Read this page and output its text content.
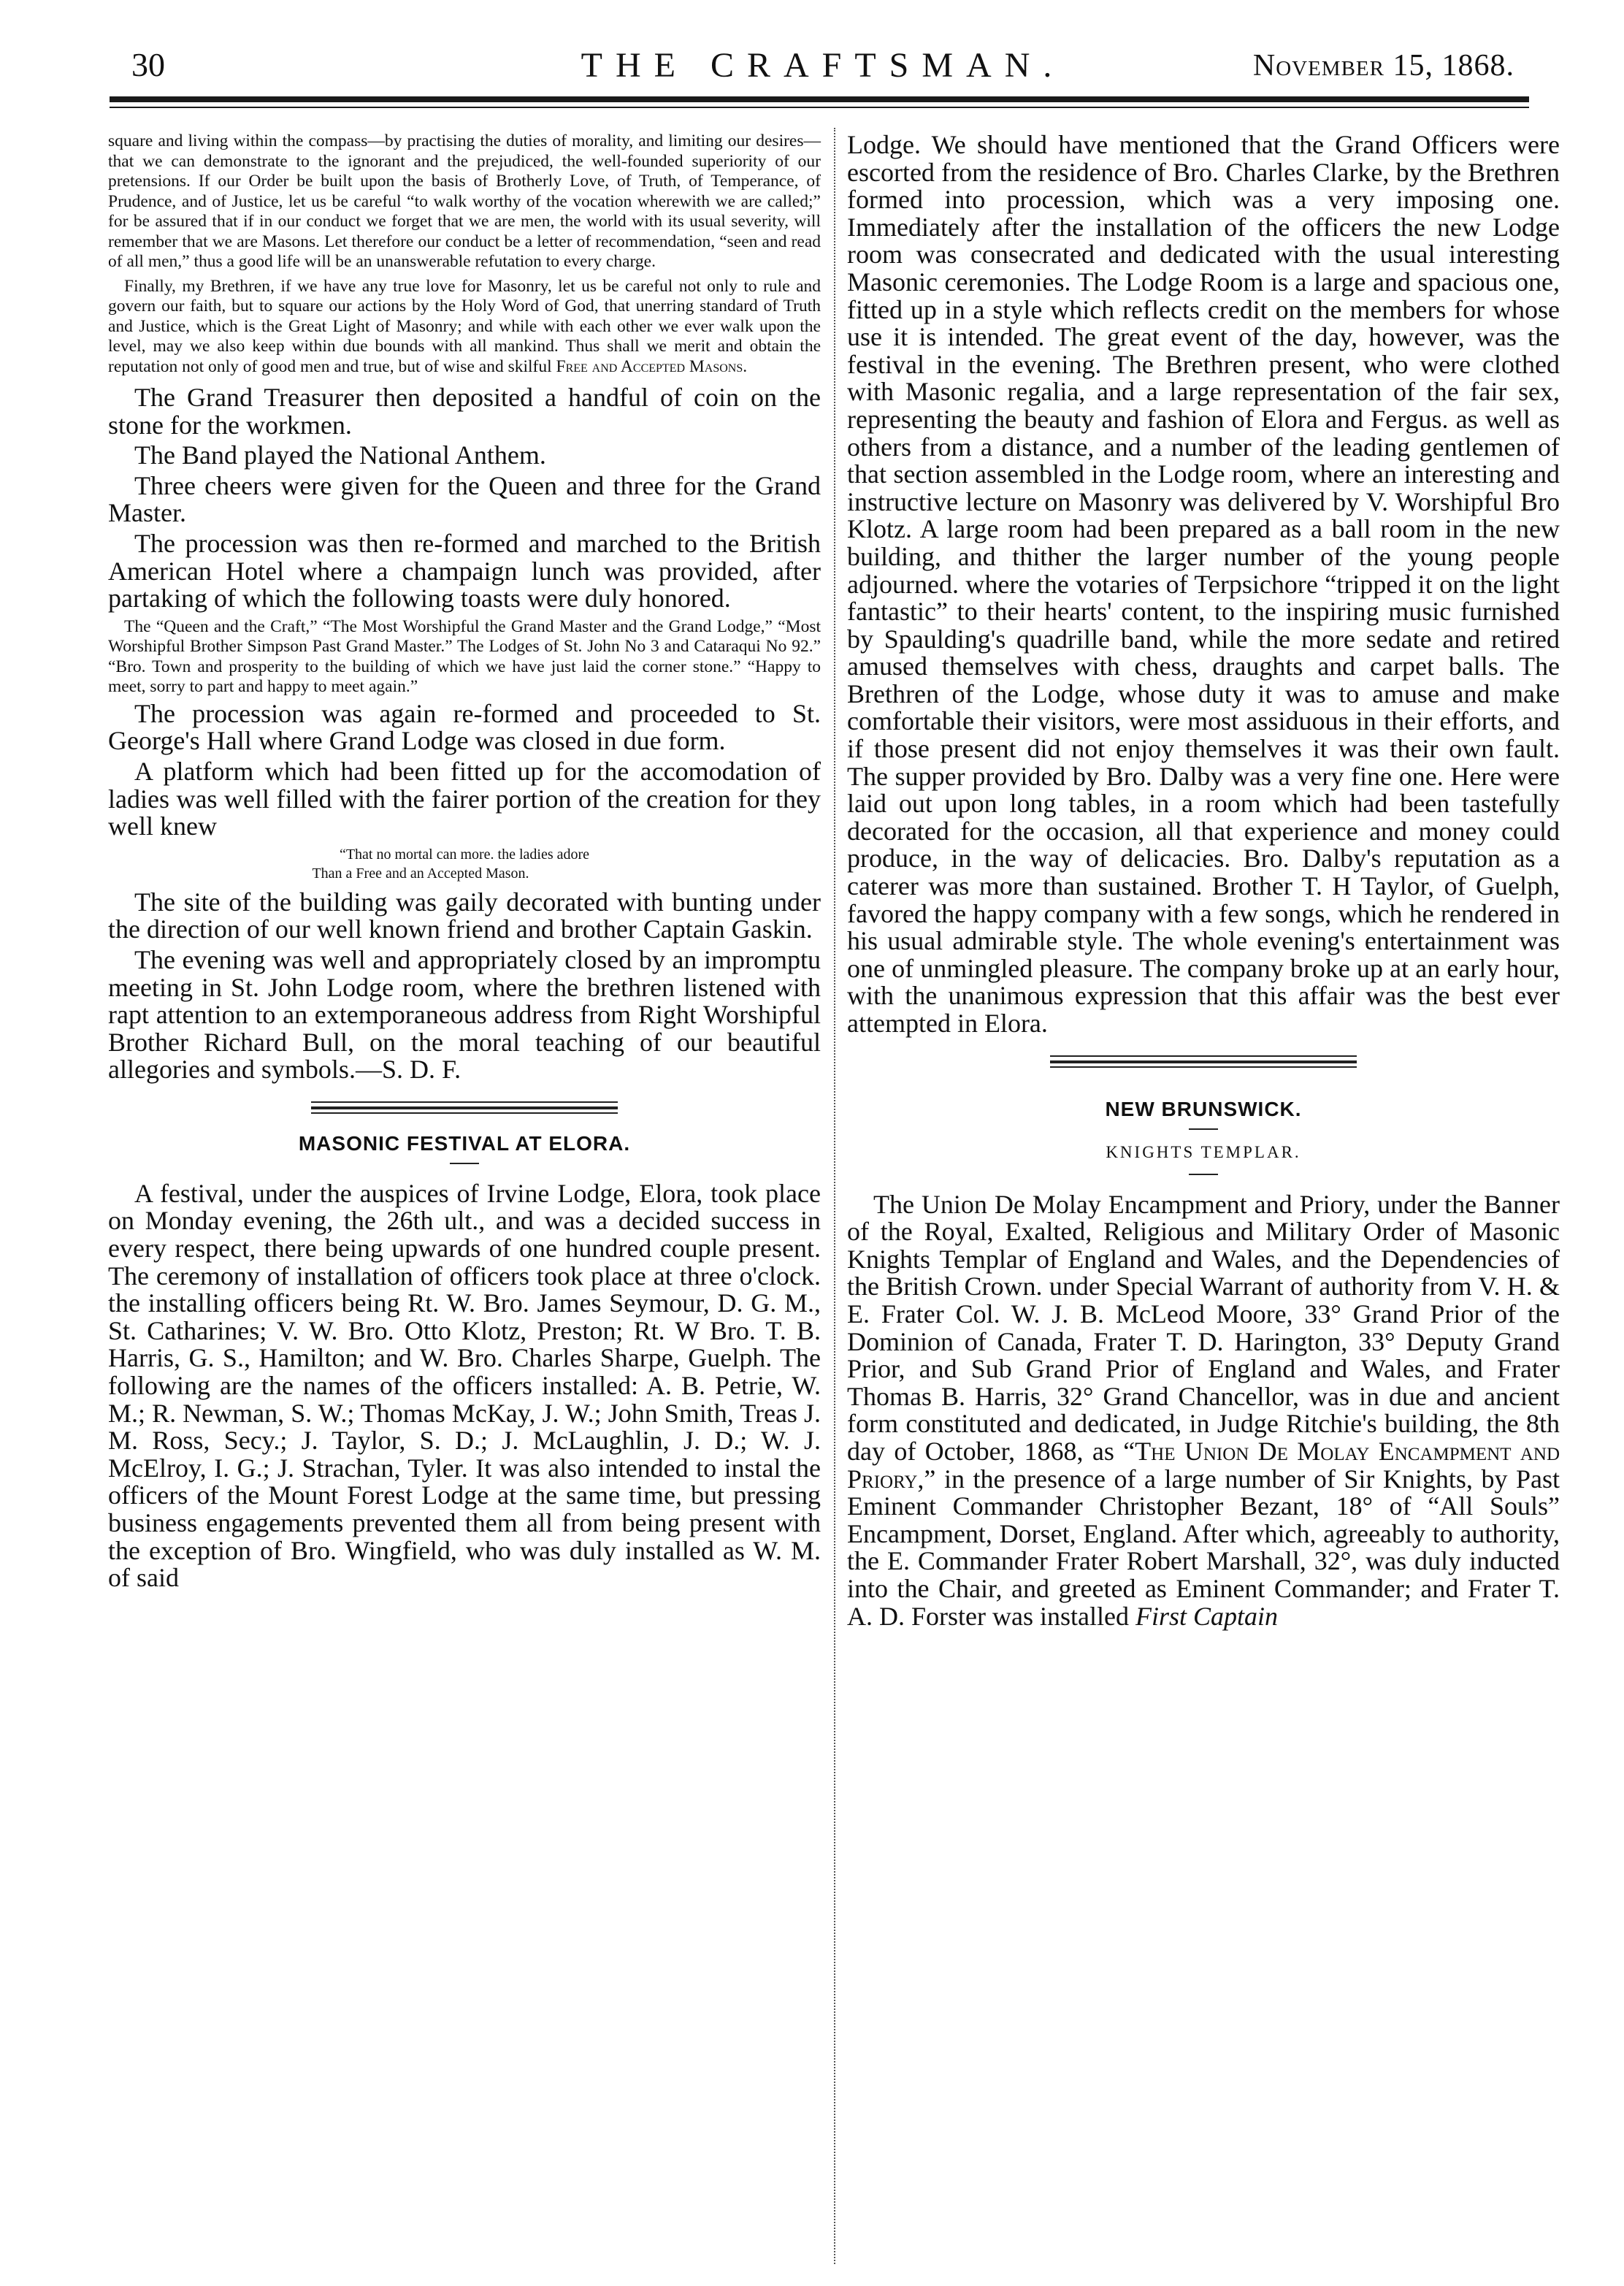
30	THE CRAFTSMAN.	November 15, 1868.

square and living within the compass—by practising the duties of morality, and limiting our desires—that we can demonstrate to the ignorant and the prejudiced, the well-founded superiority of our pretensions. If our Order be built upon the basis of Brotherly Love, of Truth, of Temperance, of Prudence, and of Justice, let us be careful “to walk worthy of the vocation wherewith we are called;” for be assured that if in our conduct we forget that we are men, the world with its usual severity, will remember that we are Masons. Let therefore our conduct be a letter of recommendation, “seen and read of all men,” thus a good life will be an unanswerable refutation to every charge.

Finally, my Brethren, if we have any true love for Masonry, let us be careful not only to rule and govern our faith, but to square our actions by the Holy Word of God, that unerring standard of Truth and Justice, which is the Great Light of Masonry; and while with each other we ever walk upon the level, may we also keep within due bounds with all mankind. Thus shall we merit and obtain the reputation not only of good men and true, but of wise and skilful Free and Accepted Masons.

The Grand Treasurer then deposited a handful of coin on the stone for the workmen.

The Band played the National Anthem.

Three cheers were given for the Queen and three for the Grand Master.

The procession was then re-formed and marched to the British American Hotel where a champaign lunch was provided, after partaking of which the following toasts were duly honored.

The “Queen and the Craft,” “The Most Worshipful the Grand Master and the Grand Lodge,” “Most Worshipful Brother Simpson Past Grand Master.” The Lodges of St. John No 3 and Cataraqui No 92.” “Bro. Town and prosperity to the building of which we have just laid the corner stone.” “Happy to meet, sorry to part and happy to meet again.”

The procession was again re-formed and proceeded to St. George's Hall where Grand Lodge was closed in due form.

A platform which had been fitted up for the accomodation of ladies was well filled with the fairer portion of the creation for they well knew

“That no mortal can more. the ladies adore

Than a Free and an Accepted Mason.

The site of the building was gaily decorated with bunting under the direction of our well known friend and brother Captain Gaskin.

The evening was well and appropriately closed by an impromptu meeting in St. John Lodge room, where the brethren listened with rapt attention to an extemporaneous address from Right Worshipful Brother Richard Bull, on the moral teaching of our beautiful allegories and symbols.—S. D. F.

MASONIC FESTIVAL AT ELORA.

A festival, under the auspices of Irvine Lodge, Elora, took place on Monday evening, the 26th ult., and was a decided success in every respect, there being upwards of one hundred couple present. The ceremony of installation of officers took place at three o'clock. the installing officers being Rt. W. Bro. James Seymour, D. G. M., St. Catharines; V. W. Bro. Otto Klotz, Preston; Rt. W Bro. T. B. Harris, G. S., Hamilton; and W. Bro. Charles Sharpe, Guelph. The following are the names of the officers installed: A. B. Petrie, W. M.; R. Newman, S. W.; Thomas McKay, J. W.; John Smith, Treas J. M. Ross, Secy.; J. Taylor, S. D.; J. McLaughlin, J. D.; W. J. McElroy, I. G.; J. Strachan, Tyler. It was also intended to instal the officers of the Mount Forest Lodge at the same time, but pressing business engagements prevented them all from being present with the exception of Bro. Wingfield, who was duly installed as W. M. of said

Lodge. We should have mentioned that the Grand Officers were escorted from the residence of Bro. Charles Clarke, by the Brethren formed into procession, which was a very imposing one. Immediately after the installation of the officers the new Lodge room was consecrated and dedicated with the usual interesting Masonic ceremonies. The Lodge Room is a large and spacious one, fitted up in a style which reflects credit on the members for whose use it is intended. The great event of the day, however, was the festival in the evening. The Brethren present, who were clothed with Masonic regalia, and a large representation of the fair sex, representing the beauty and fashion of Elora and Fergus. as well as others from a distance, and a number of the leading gentlemen of that section assembled in the Lodge room, where an interesting and instructive lecture on Masonry was delivered by V. Worshipful Bro Klotz. A large room had been prepared as a ball room in the new building, and thither the larger number of the young people adjourned. where the votaries of Terpsichore “tripped it on the light fantastic” to their hearts' content, to the inspiring music furnished by Spaulding's quadrille band, while the more sedate and retired amused themselves with chess, draughts and carpet balls. The Brethren of the Lodge, whose duty it was to amuse and make comfortable their visitors, were most assiduous in their efforts, and if those present did not enjoy themselves it was their own fault. The supper provided by Bro. Dalby was a very fine one. Here were laid out upon long tables, in a room which had been tastefully decorated for the occasion, all that experience and money could produce, in the way of delicacies. Bro. Dalby's reputation as a caterer was more than sustained. Brother T. H Taylor, of Guelph, favored the happy company with a few songs, which he rendered in his usual admirable style. The whole evening's entertainment was one of unmingled pleasure. The company broke up at an early hour, with the unanimous expression that this affair was the best ever attempted in Elora.

NEW BRUNSWICK.
KNIGHTS TEMPLAR.

The Union De Molay Encampment and Priory, under the Banner of the Royal, Exalted, Religious and Military Order of Masonic Knights Templar of England and Wales, and the Dependencies of the British Crown. under Special Warrant of authority from V. H. & E. Frater Col. W. J. B. McLeod Moore, 33° Grand Prior of the Dominion of Canada, Frater T. D. Harington, 33° Deputy Grand Prior, and Sub Grand Prior of England and Wales, and Frater Thomas B. Harris, 32° Grand Chancellor, was in due and ancient form constituted and dedicated, in Judge Ritchie's building, the 8th day of October, 1868, as “The Union De Molay Encampment and Priory,” in the presence of a large number of Sir Knights, by Past Eminent Commander Christopher Bezant, 18° of “All Souls” Encampment, Dorset, England. After which, agreeably to authority, the E. Commander Frater Robert Marshall, 32°, was duly inducted into the Chair, and greeted as Eminent Commander; and Frater T. A. D. Forster was installed First Captain
